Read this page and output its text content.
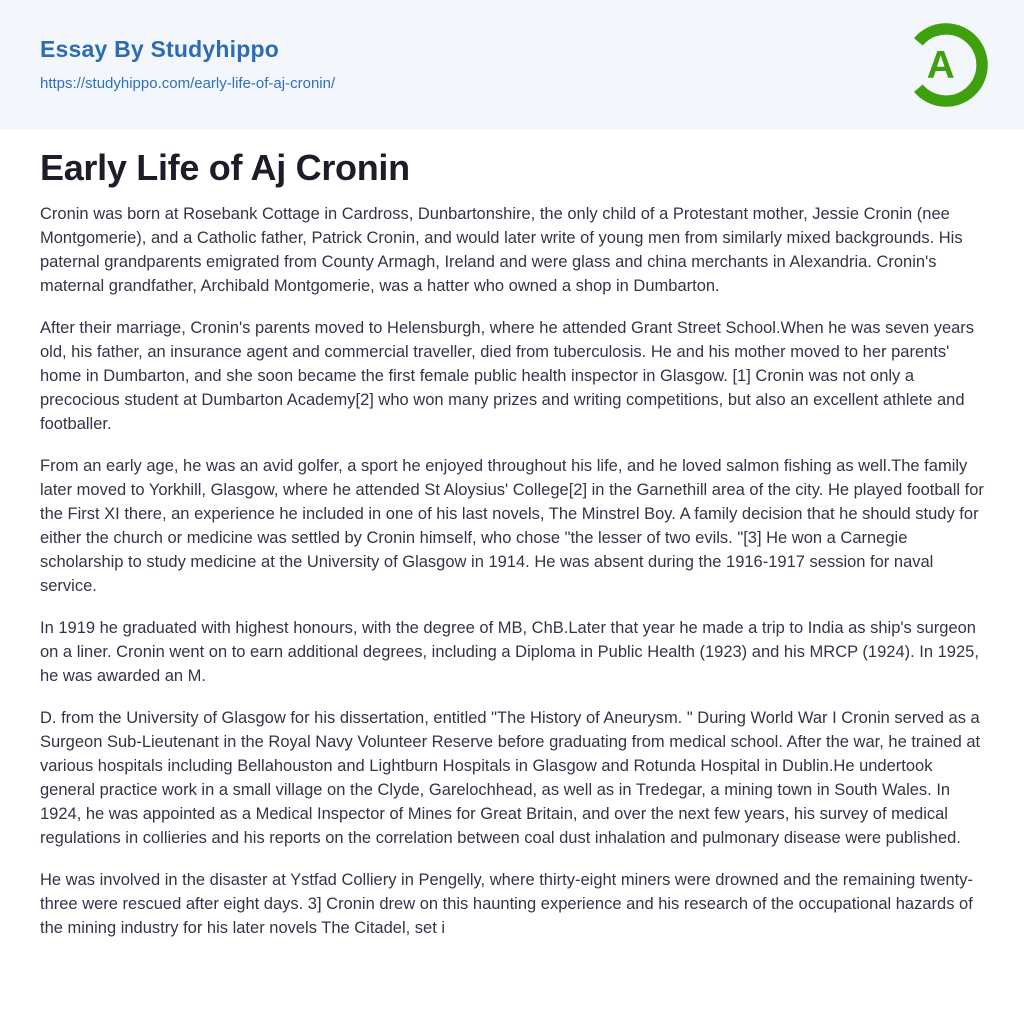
Essay By Studyhippo
https://studyhippo.com/early-life-of-aj-cronin/	A
Early Life of Aj Cronin

Cronin was born at Rosebank Cottage in Cardross, Dunbartonshire, the only child of a Protestant mother, Jessie Cronin (nee Montgomerie), and a Catholic father, Patrick Cronin, and would later write of young men from similarly mixed backgrounds. His paternal grandparents emigrated from County Armagh, Ireland and were glass and china merchants in Alexandria. Cronin's maternal grandfather, Archibald Montgomerie, was a hatter who owned a shop in Dumbarton.

After their marriage, Cronin's parents moved to Helensburgh, where he attended Grant Street School.When he was seven years old, his father, an insurance agent and commercial traveller, died from tuberculosis. He and his mother moved to her parents' home in Dumbarton, and she soon became the first female public health inspector in Glasgow. [1] Cronin was not only a precocious student at Dumbarton Academy[2] who won many prizes and writing competitions, but also an excellent athlete and footballer.

From an early age, he was an avid golfer, a sport he enjoyed throughout his life, and he loved salmon fishing as well.The family later moved to Yorkhill, Glasgow, where he attended St Aloysius' College[2] in the Garnethill area of the city. He played football for the First XI there, an experience he included in one of his last novels, The Minstrel Boy. A family decision that he should study for either the church or medicine was settled by Cronin himself, who chose "the lesser of two evils. "[3] He won a Carnegie scholarship to study medicine at the University of Glasgow in 1914. He was absent during the 1916-1917 session for naval service.

In 1919 he graduated with highest honours, with the degree of MB, ChB.Later that year he made a trip to India as ship's surgeon on a liner. Cronin went on to earn additional degrees, including a Diploma in Public Health (1923) and his MRCP (1924). In 1925, he was awarded an M.

D. from the University of Glasgow for his dissertation, entitled "The History of Aneurysm. " During World War I Cronin served as a Surgeon Sub-Lieutenant in the Royal Navy Volunteer Reserve before graduating from medical school. After the war, he trained at various hospitals including Bellahouston and Lightburn Hospitals in Glasgow and Rotunda Hospital in Dublin.He undertook general practice work in a small village on the Clyde, Garelochhead, as well as in Tredegar, a mining town in South Wales. In 1924, he was appointed as a Medical Inspector of Mines for Great Britain, and over the next few years, his survey of medical regulations in collieries and his reports on the correlation between coal dust inhalation and pulmonary disease were published.

He was involved in the disaster at Ystfad Colliery in Pengelly, where thirty-eight miners were drowned and the remaining twenty-three were rescued after eight days. 3] Cronin drew on this haunting experience and his research of the occupational hazards of the mining industry for his later novels The Citadel, set i
